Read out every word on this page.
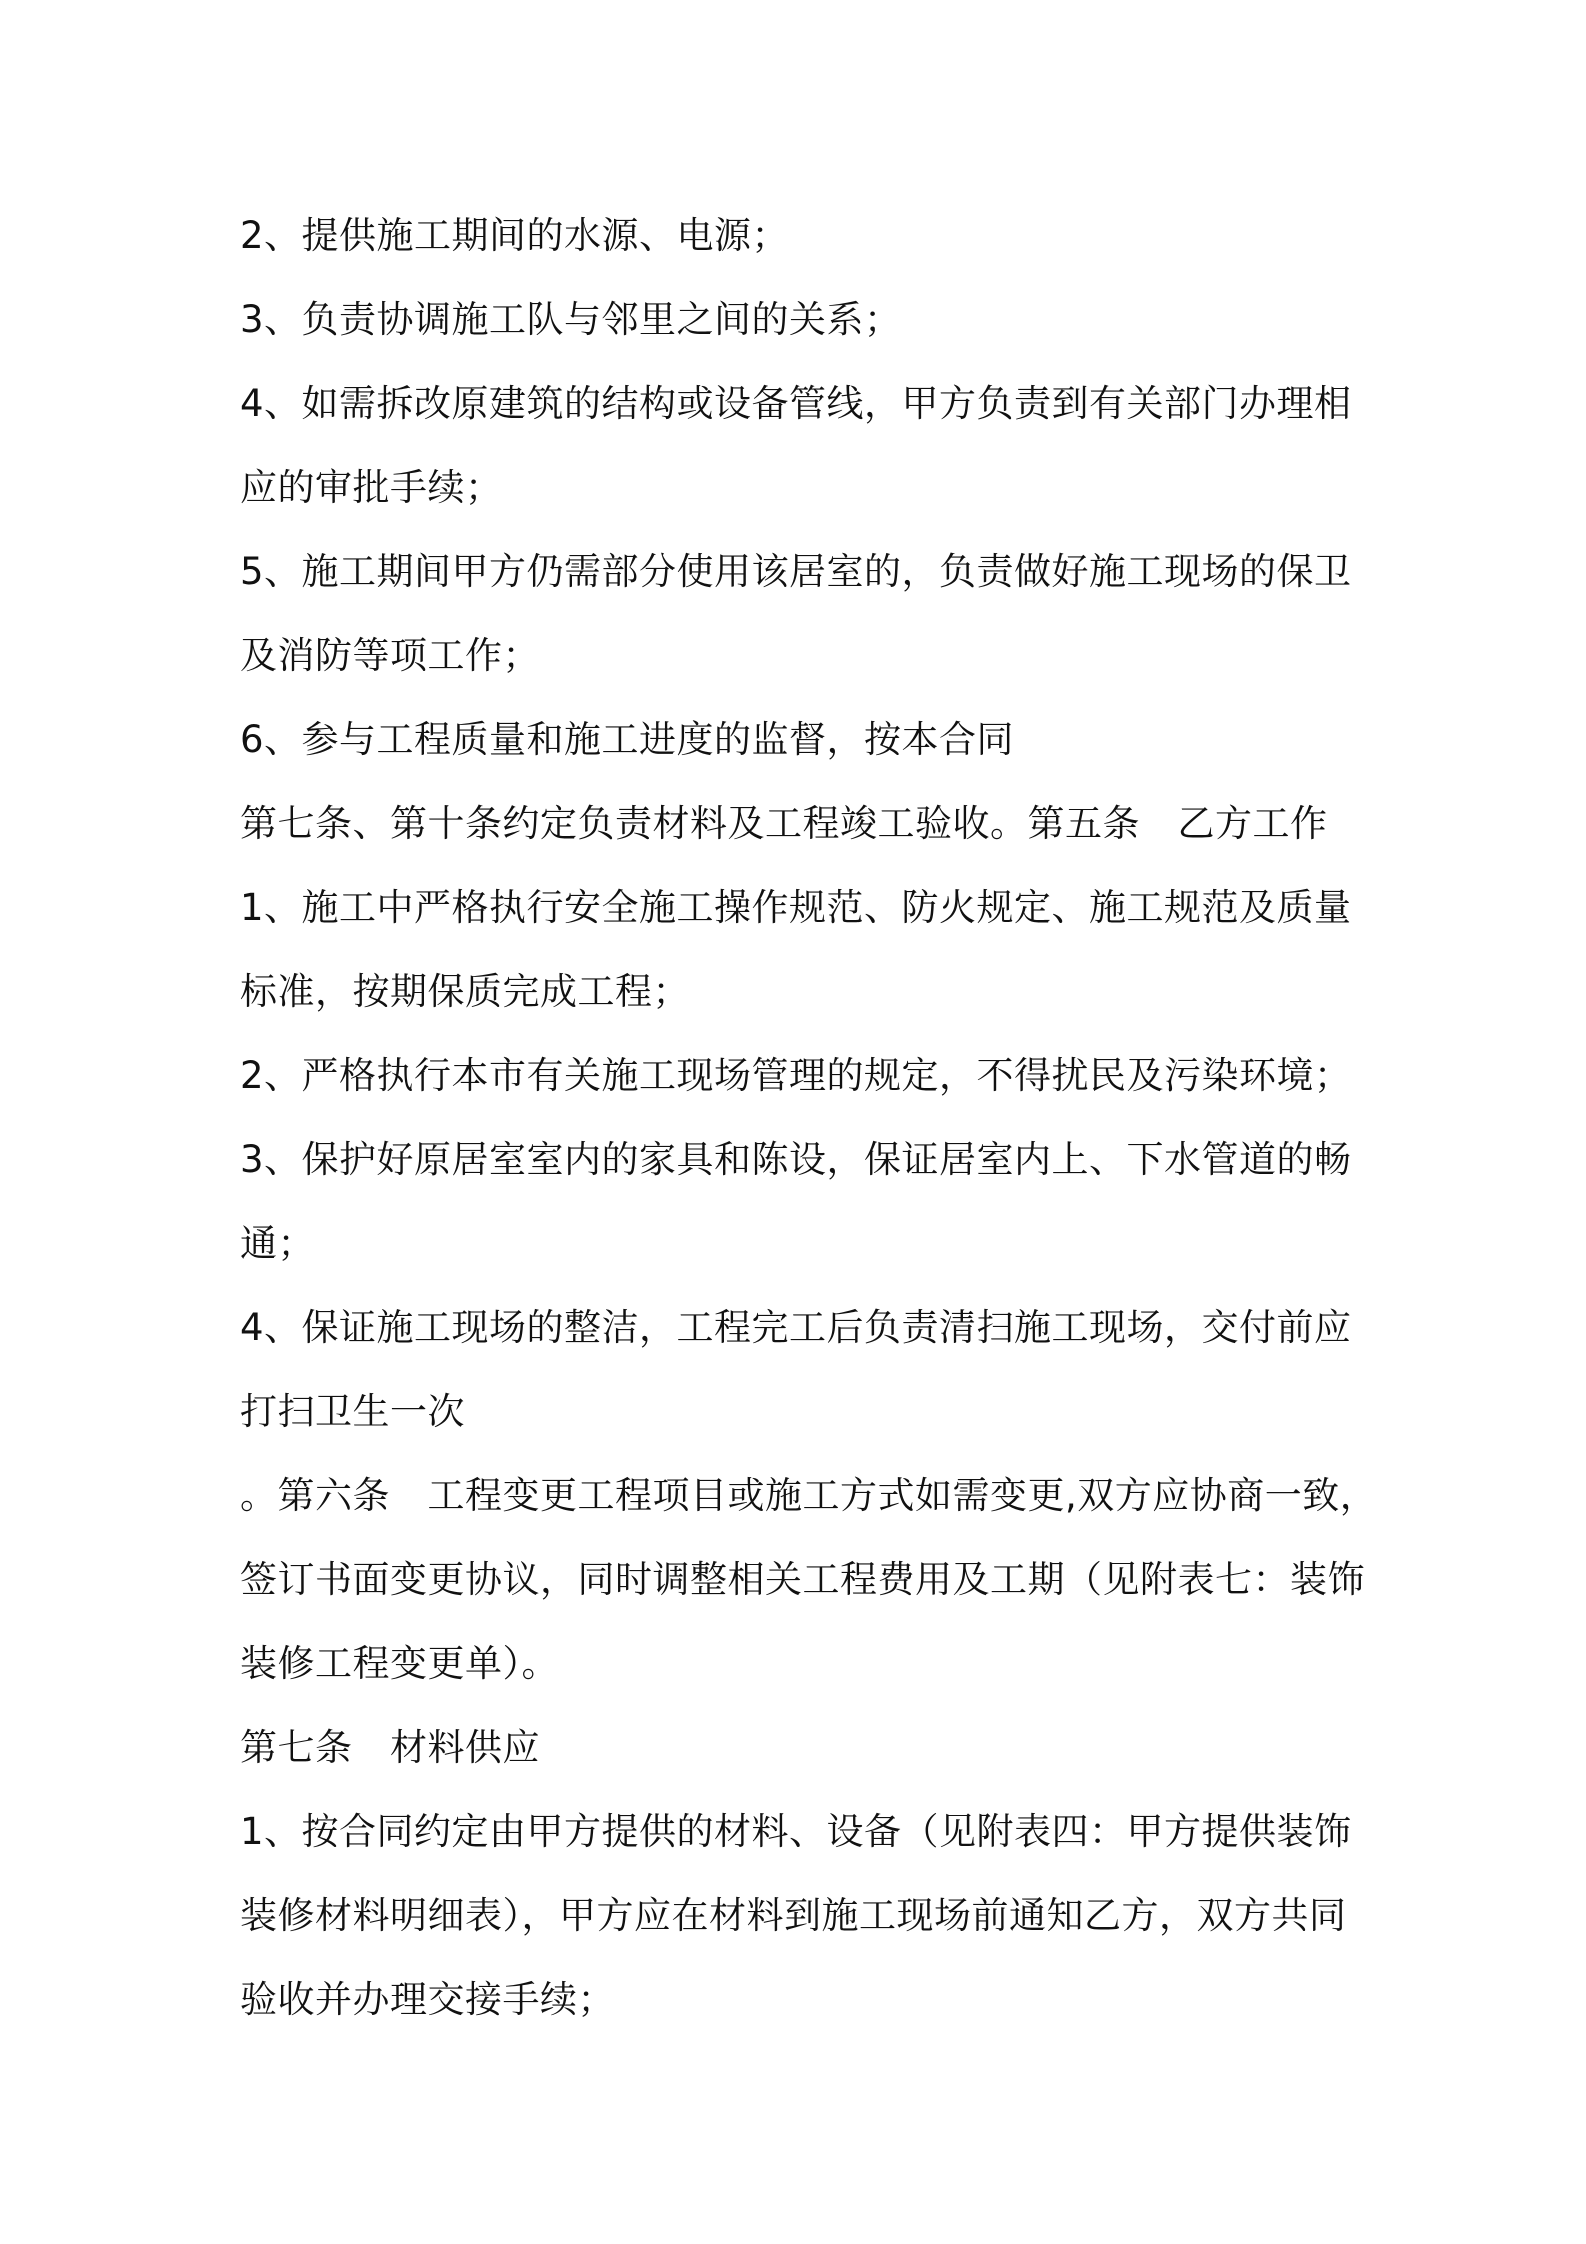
2、提供施工期间的水源、电源；
3、负责协调施工队与邻里之间的关系；
4、如需拆改原建筑的结构或设备管线，甲方负责到有关部门办理相
应的审批手续；
5、施工期间甲方仍需部分使用该居室的，负责做好施工现场的保卫
及消防等项工作；
6、参与工程质量和施工进度的监督，按本合同
第七条、第十条约定负责材料及工程竣工验收。第五条　乙方工作
1、施工中严格执行安全施工操作规范、防火规定、施工规范及质量
标准，按期保质完成工程；
2、严格执行本市有关施工现场管理的规定，不得扰民及污染环境；
3、保护好原居室室内的家具和陈设，保证居室内上、下水管道的畅
通；
4、保证施工现场的整洁，工程完工后负责清扫施工现场，交付前应
打扫卫生一次
。第六条　工程变更工程项目或施工方式如需变更,双方应协商一致，
签订书面变更协议，同时调整相关工程费用及工期（见附表七：装饰
装修工程变更单）。
第七条　材料供应
1、按合同约定由甲方提供的材料、设备（见附表四：甲方提供装饰
装修材料明细表），甲方应在材料到施工现场前通知乙方，双方共同
验收并办理交接手续；
